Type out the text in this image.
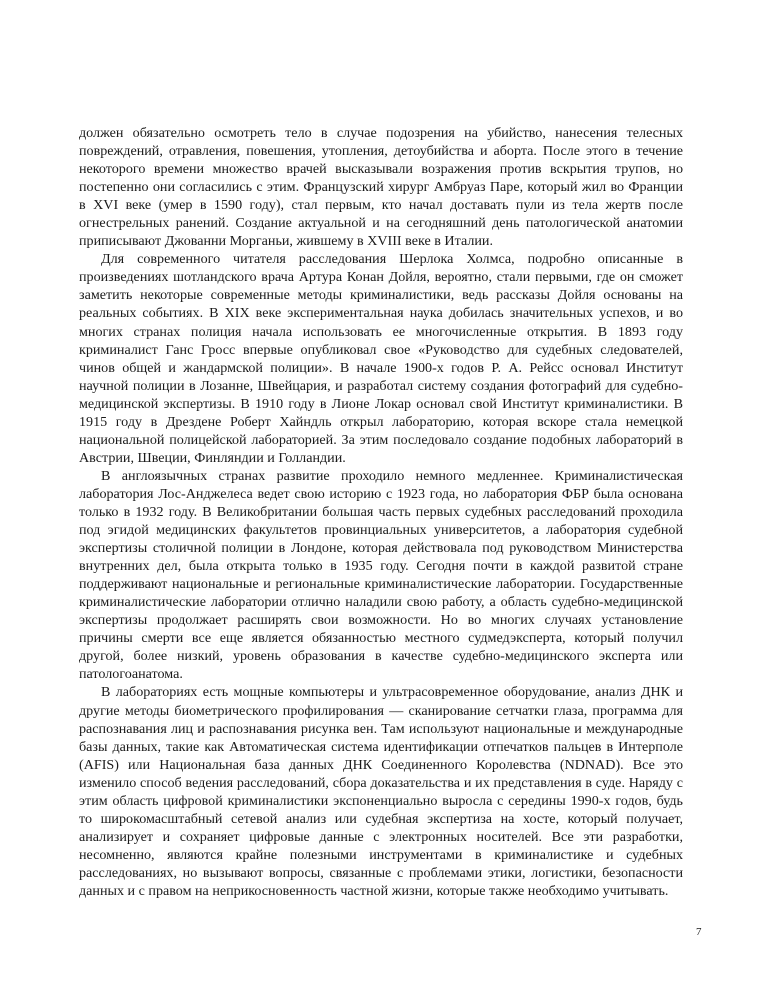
должен обязательно осмотреть тело в случае подозрения на убийство, нанесения телесных повреждений, отравления, повешения, утопления, детоубийства и аборта. После этого в течение некоторого времени множество врачей высказывали возражения против вскрытия трупов, но постепенно они согласились с этим. Французский хирург Амбруаз Паре, который жил во Франции в XVI веке (умер в 1590 году), стал первым, кто начал доставать пули из тела жертв после огнестрельных ранений. Создание актуальной и на сегодняшний день патологической анатомии приписывают Джованни Морганьи, жившему в XVIII веке в Италии.

Для современного читателя расследования Шерлока Холмса, подробно описанные в произведениях шотландского врача Артура Конан Дойля, вероятно, стали первыми, где он сможет заметить некоторые современные методы криминалистики, ведь рассказы Дойля основаны на реальных событиях. В XIX веке экспериментальная наука добилась значительных успехов, и во многих странах полиция начала использовать ее многочисленные открытия. В 1893 году криминалист Ганс Гросс впервые опубликовал свое «Руководство для судебных следователей, чинов общей и жандармской полиции». В начале 1900-х годов Р. А. Рейсс основал Институт научной полиции в Лозанне, Швейцария, и разработал систему создания фотографий для судебно-медицинской экспертизы. В 1910 году в Лионе Локар основал свой Институт криминалистики. В 1915 году в Дрездене Роберт Хайндль открыл лабораторию, которая вскоре стала немецкой национальной полицейской лабораторией. За этим последовало создание подобных лабораторий в Австрии, Швеции, Финляндии и Голландии.

В англоязычных странах развитие проходило немного медленнее. Криминалистическая лаборатория Лос-Анджелеса ведет свою историю с 1923 года, но лаборатория ФБР была основана только в 1932 году. В Великобритании большая часть первых судебных расследований проходила под эгидой медицинских факультетов провинциальных университетов, а лаборатория судебной экспертизы столичной полиции в Лондоне, которая действовала под руководством Министерства внутренних дел, была открыта только в 1935 году. Сегодня почти в каждой развитой стране поддерживают национальные и региональные криминалистические лаборатории. Государственные криминалистические лаборатории отлично наладили свою работу, а область судебно-медицинской экспертизы продолжает расширять свои возможности. Но во многих случаях установление причины смерти все еще является обязанностью местного судмедэксперта, который получил другой, более низкий, уровень образования в качестве судебно-медицинского эксперта или патологоанатома.

В лабораториях есть мощные компьютеры и ультрасовременное оборудование, анализ ДНК и другие методы биометрического профилирования — сканирование сетчатки глаза, программа для распознавания лиц и распознавания рисунка вен. Там используют национальные и международные базы данных, такие как Автоматическая система идентификации отпечатков пальцев в Интерполе (AFIS) или Национальная база данных ДНК Соединенного Королевства (NDNAD). Все это изменило способ ведения расследований, сбора доказательства и их представления в суде. Наряду с этим область цифровой криминалистики экспоненциально выросла с середины 1990-х годов, будь то широкомасштабный сетевой анализ или судебная экспертиза на хосте, который получает, анализирует и сохраняет цифровые данные с электронных носителей. Все эти разработки, несомненно, являются крайне полезными инструментами в криминалистике и судебных расследованиях, но вызывают вопросы, связанные с проблемами этики, логистики, безопасности данных и с правом на неприкосновенность частной жизни, которые также необходимо учитывать.

7
